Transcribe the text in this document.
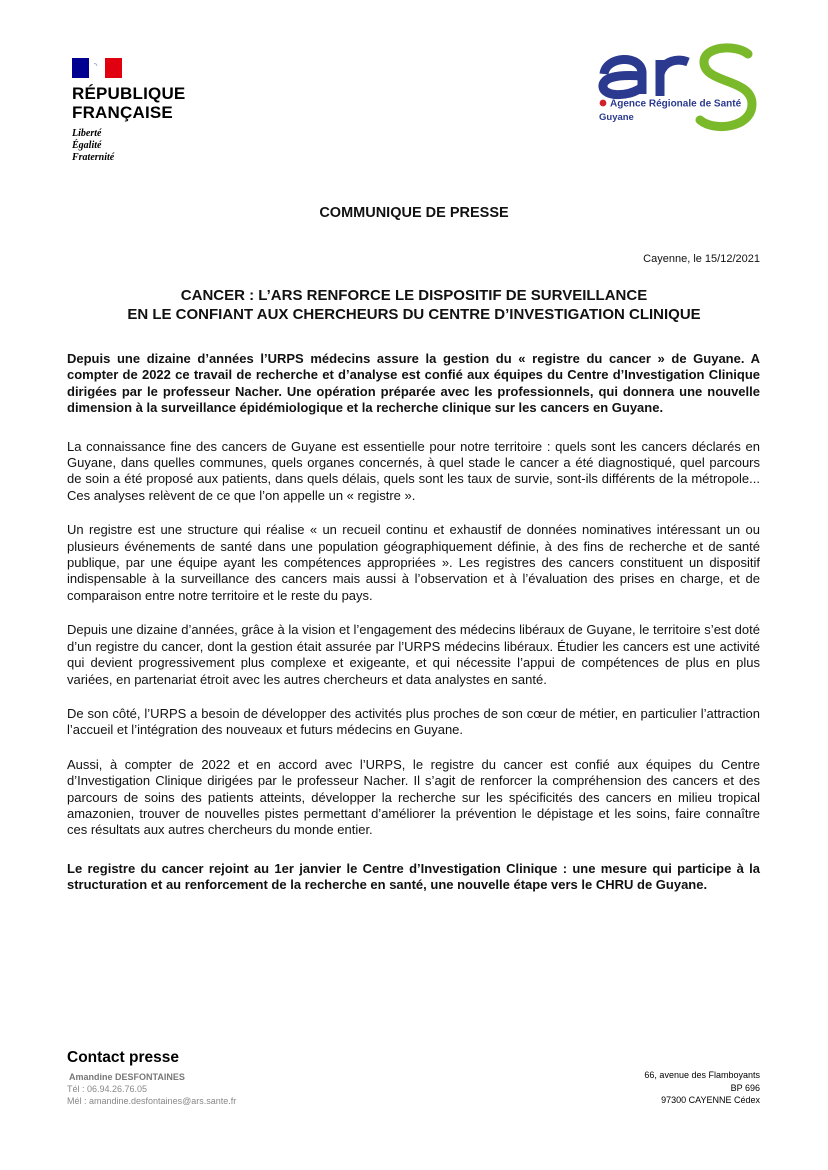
RÉPUBLIQUE
FRANÇAISE
Liberté
Égalité
Fraternité
Agence Régionale de Santé
Guyane
COMMUNIQUE DE PRESSE
Cayenne, le 15/12/2021
CANCER : L’ARS RENFORCE LE DISPOSITIF DE SURVEILLANCE
EN LE CONFIANT AUX CHERCHEURS DU CENTRE D’INVESTIGATION CLINIQUE

Depuis une dizaine d’années l’URPS médecins assure la gestion du « registre du cancer » de Guyane. A compter de 2022 ce travail de recherche et d’analyse est confié aux équipes du Centre d’Investigation Clinique dirigées par le professeur Nacher. Une opération préparée avec les professionnels, qui donnera une nouvelle dimension à la surveillance épidémiologique et la recherche clinique sur les cancers en Guyane.

La connaissance fine des cancers de Guyane est essentielle pour notre territoire : quels sont les cancers déclarés en Guyane, dans quelles communes, quels organes concernés, à quel stade le cancer a été diagnostiqué, quel parcours de soin a été proposé aux patients, dans quels délais, quels sont les taux de survie, sont-ils différents de la métropole... Ces analyses relèvent de ce que l’on appelle un « registre ».

Un registre est une structure qui réalise « un recueil continu et exhaustif de données nominatives intéressant un ou plusieurs événements de santé dans une population géographiquement définie, à des fins de recherche et de santé publique, par une équipe ayant les compétences appropriées ». Les registres des cancers constituent un dispositif indispensable à la surveillance des cancers mais aussi à l’observation et à l’évaluation des prises en charge, et de comparaison entre notre territoire et le reste du pays.

Depuis une dizaine d’années, grâce à la vision et l’engagement des médecins libéraux de Guyane, le territoire s’est doté d’un registre du cancer, dont la gestion était assurée par l’URPS médecins libéraux. Étudier les cancers est une activité qui devient progressivement plus complexe et exigeante, et qui nécessite l’appui de compétences de plus en plus variées, en partenariat étroit avec les autres chercheurs et data analystes en santé.

De son côté, l’URPS a besoin de développer des activités plus proches de son cœur de métier, en particulier l’attraction l’accueil et l’intégration des nouveaux et futurs médecins en Guyane.

Aussi, à compter de 2022 et en accord avec l’URPS, le registre du cancer est confié aux équipes du Centre d’Investigation Clinique dirigées par le professeur Nacher. Il s’agit de renforcer la compréhension des cancers et des parcours de soins des patients atteints, développer la recherche sur les spécificités des cancers en milieu tropical amazonien, trouver de nouvelles pistes permettant d’améliorer la prévention le dépistage et les soins, faire connaître ces résultats aux autres chercheurs du monde entier.

Le registre du cancer rejoint au 1er janvier le Centre d’Investigation Clinique : une mesure qui participe à la structuration et au renforcement de la recherche en santé, une nouvelle étape vers le CHRU de Guyane.

Contact presse
Amandine DESFONTAINES
Tél : 06.94.26.76.05
Mél : amandine.desfontaines@ars.sante.fr
66, avenue des Flamboyants
BP 696
97300 CAYENNE Cédex
